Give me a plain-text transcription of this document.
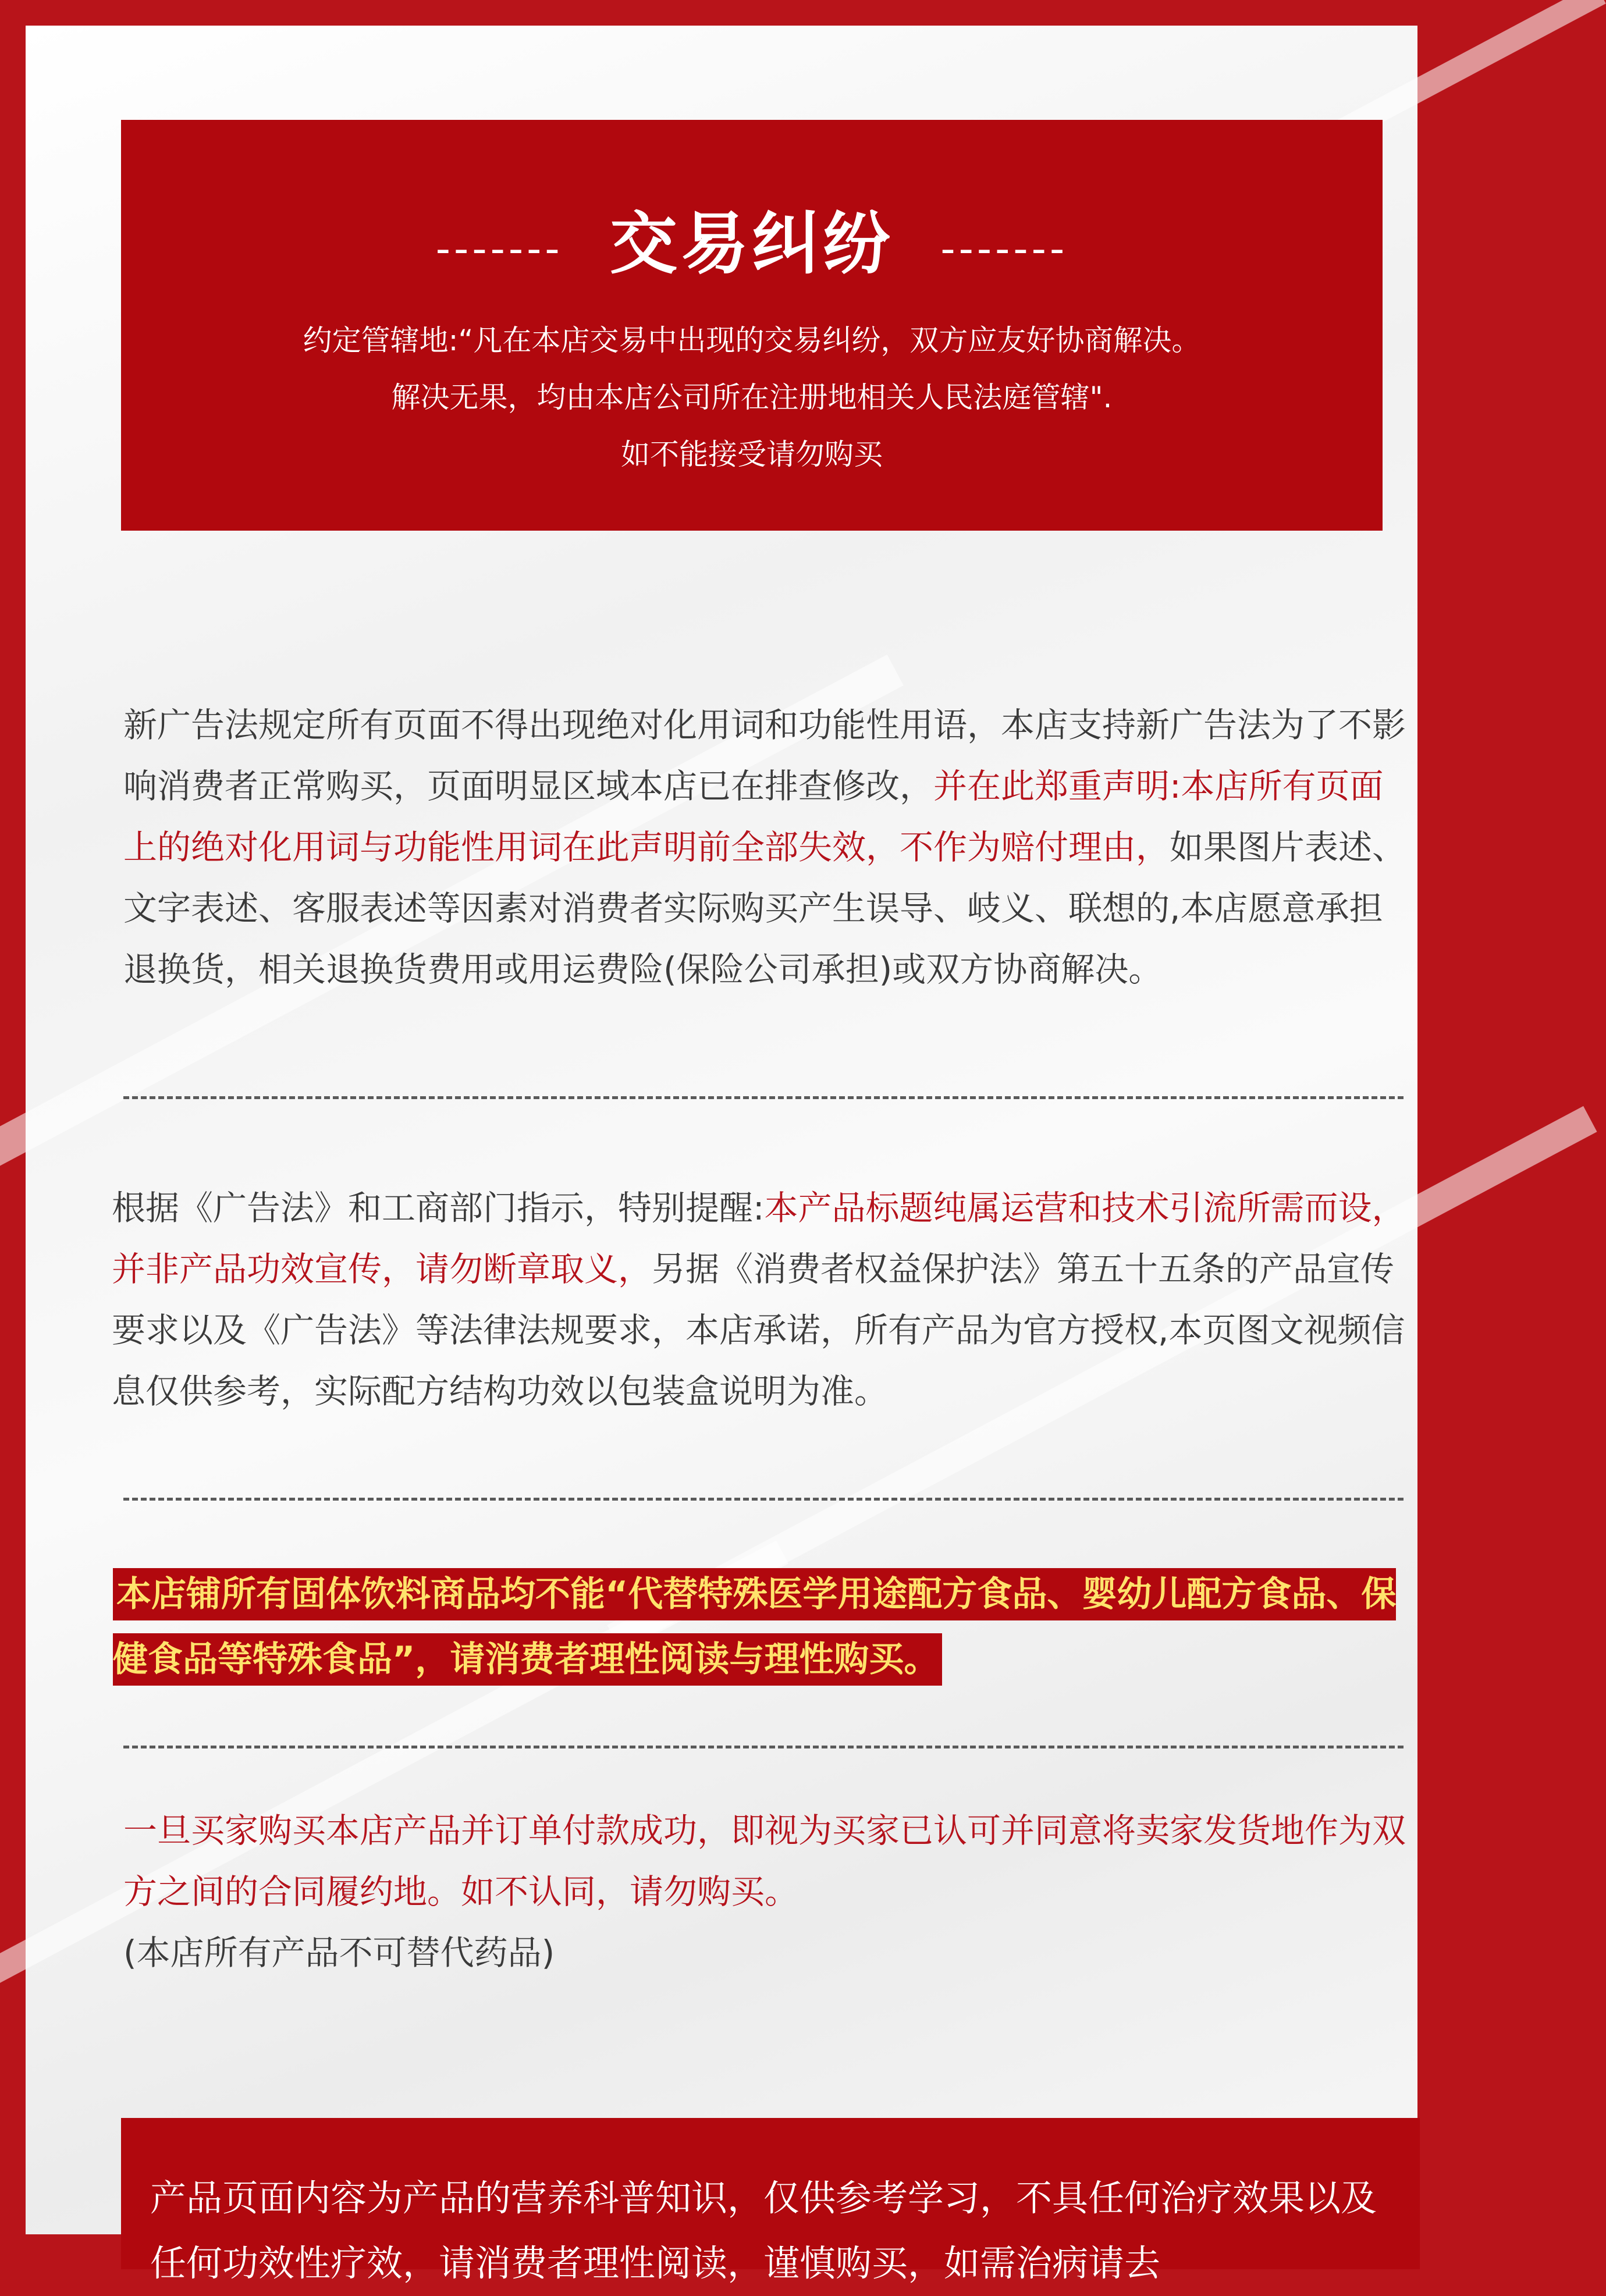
------- 交易纠纷 -------
约定管辖地:“凡在本店交易中出现的交易纠纷，双方应友好协商解决。
解决无果，均由本店公司所在注册地相关人民法庭管辖".
如不能接受请勿购买
新广告法规定所有页面不得出现绝对化用词和功能性用语，本店支持新广告法为了不影响消费者正常购买，页面明显区域本店已在排查修改，并在此郑重声明:本店所有页面上的绝对化用词与功能性用词在此声明前全部失效，不作为赔付理由，如果图片表述、文字表述、客服表述等因素对消费者实际购买产生误导、岐义、联想的,本店愿意承担退换货，相关退换货费用或用运费险(保险公司承担)或双方协商解决。
根据《广告法》和工商部门指示，特别提醒:本产品标题纯属运营和技术引流所需而设，并非产品功效宣传，请勿断章取义，另据《消费者权益保护法》第五十五条的产品宣传要求以及《广告法》等法律法规要求，本店承诺，所有产品为官方授权,本页图文视频信息仅供参考，实际配方结构功效以包装盒说明为准。
本店铺所有固体饮料商品均不能“代替特殊医学用途配方食品、婴幼儿配方食品、保健食品等特殊食品”，请消费者理性阅读与理性购买。
一旦买家购买本店产品并订单付款成功，即视为买家已认可并同意将卖家发货地作为双方之间的合同履约地。如不认同，请勿购买。
(本店所有产品不可替代药品)
产品页面内容为产品的营养科普知识，仅供参考学习，不具任何治疗效果以及任何功效性疗效，请消费者理性阅读，谨慎购买，如需治病请去
